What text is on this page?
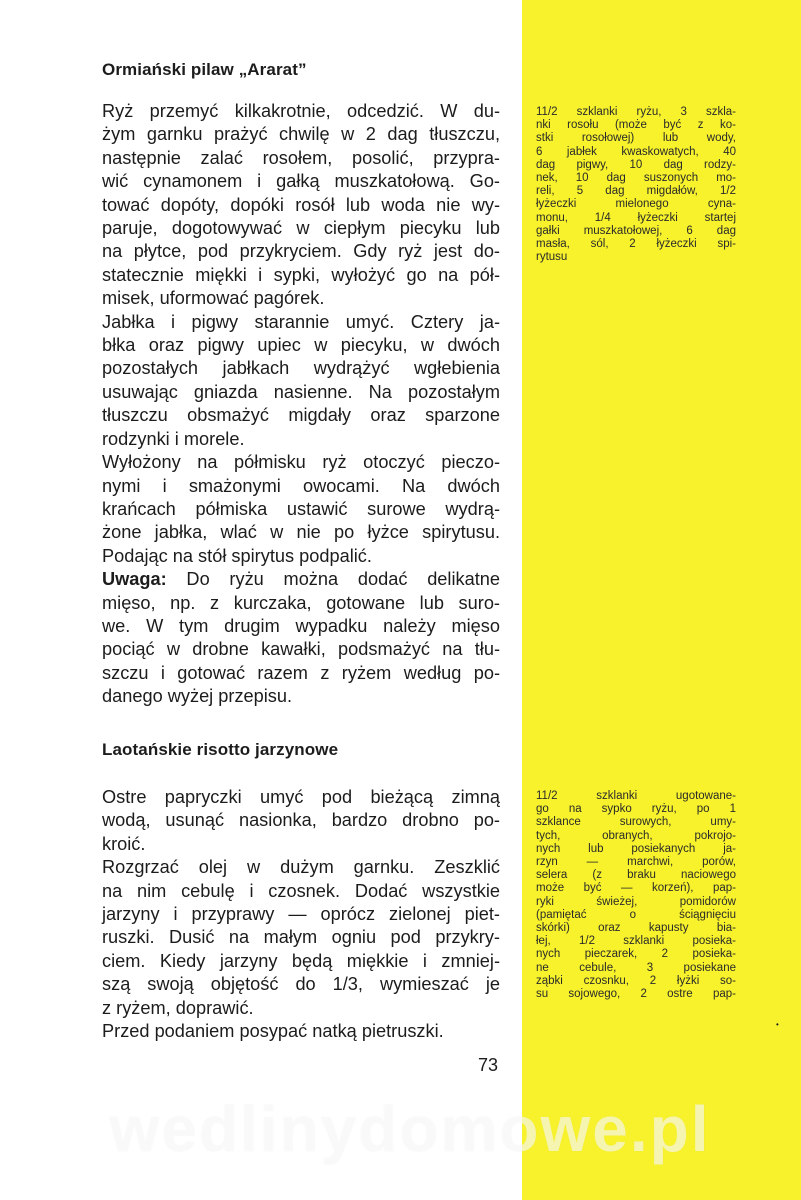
Ormiański pilaw „Ararat”
Ryż przemyć kilkakrotnie, odcedzić. W du-
żym garnku prażyć chwilę w 2 dag tłuszczu,
następnie zalać rosołem, posolić, przypra-
wić cynamonem i gałką muszkatołową. Go-
tować dopóty, dopóki rosół lub woda nie wy-
paruje, dogotowywać w ciepłym piecyku lub
na płytce, pod przykryciem. Gdy ryż jest do-
statecznie miękki i sypki, wyłożyć go na pół-
misek, uformować pagórek.
Jabłka i pigwy starannie umyć. Cztery ja-
błka oraz pigwy upiec w piecyku, w dwóch
pozostałych jabłkach wydrążyć wgłebienia
usuwając gniazda nasienne. Na pozostałym
tłuszczu obsmażyć migdały oraz sparzone
rodzynki i morele.
Wyłożony na półmisku ryż otoczyć pieczo-
nymi i smażonymi owocami. Na dwóch
krańcach półmiska ustawić surowe wydrą-
żone jabłka, wlać w nie po łyżce spirytusu.
Podając na stół spirytus podpalić.
Uwaga: Do ryżu można dodać delikatne
mięso, np. z kurczaka, gotowane lub suro-
we. W tym drugim wypadku należy mięso
pociąć w drobne kawałki, podsmażyć na tłu-
szczu i gotować razem z ryżem według po-
danego wyżej przepisu.
11/2 szklanki ryżu, 3 szkla-
nki rosołu (może być z ko-
stki rosołowej) lub wody,
6 jabłek kwaskowatych, 40
dag pigwy, 10 dag rodzy-
nek, 10 dag suszonych mo-
reli, 5 dag migdałów, 1/2
łyżeczki mielonego cyna-
monu, 1/4 łyżeczki startej
gałki muszkatołowej, 6 dag
masła, sól, 2 łyżeczki spi-
rytusu
Laotańskie risotto jarzynowe
Ostre papryczki umyć pod bieżącą zimną
wodą, usunąć nasionka, bardzo drobno po-
kroić.
Rozgrzać olej w dużym garnku. Zeszklić
na nim cebulę i czosnek. Dodać wszystkie
jarzyny i przyprawy — oprócz zielonej piet-
ruszki. Dusić na małym ogniu pod przykry-
ciem. Kiedy jarzyny będą miękkie i zmniej-
szą swoją objętość do 1/3, wymieszać je
z ryżem, doprawić.
Przed podaniem posypać natką pietruszki.
11/2 szklanki ugotowane-
go na sypko ryżu, po 1
szklance surowych, umy-
tych, obranych, pokrojo-
nych lub posiekanych ja-
rzyn — marchwi, porów,
selera (z braku naciowego
może być — korzeń), pap-
ryki świeżej, pomidorów
(pamiętać o ściągnięciu
skórki) oraz kapusty bia-
łej, 1/2 szklanki posieka-
nych pieczarek, 2 posieka-
ne cebule, 3 posiekane
ząbki czosnku, 2 łyżki so-
su sojowego, 2 ostre pap-
73
•
wedlinydomowe.pl
